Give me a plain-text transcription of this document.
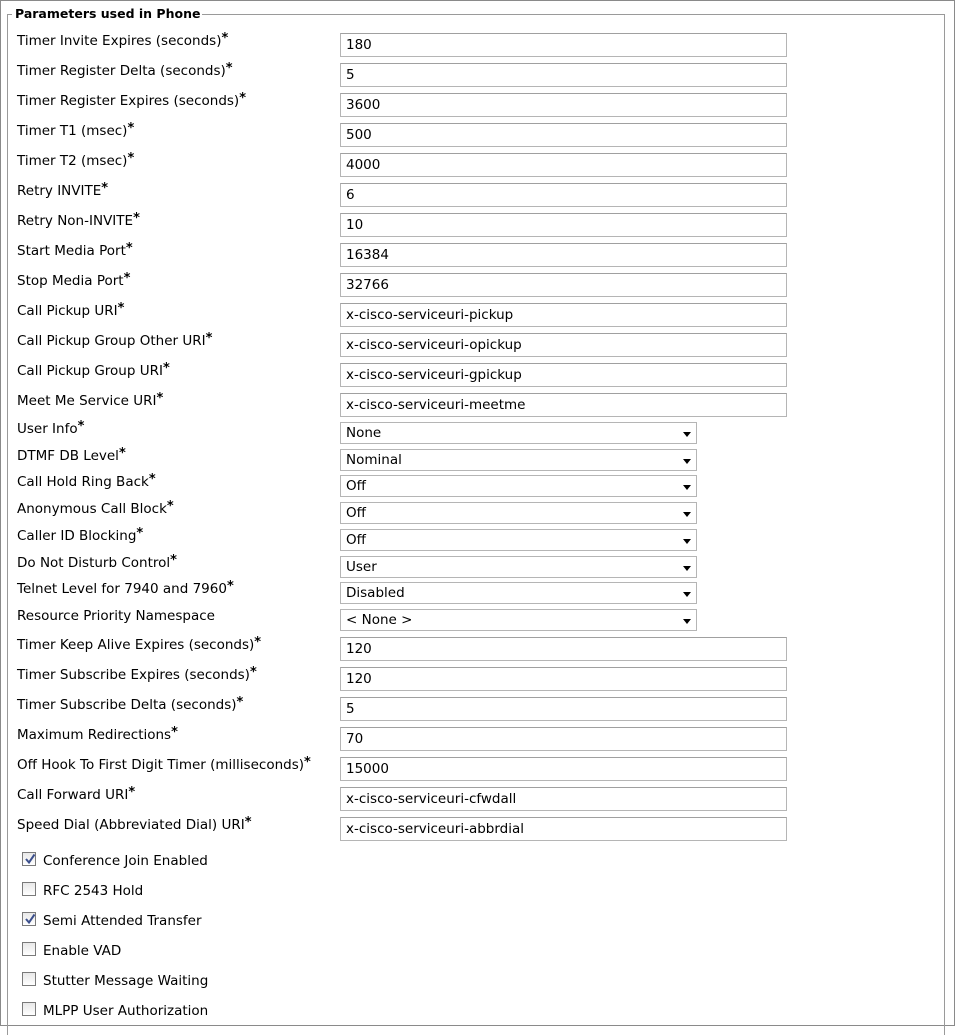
Parameters used in Phone
Timer Invite Expires (seconds)*	180
Timer Register Delta (seconds)*	5
Timer Register Expires (seconds)*	3600
Timer T1 (msec)*	500
Timer T2 (msec)*	4000
Retry INVITE*	6
Retry Non-INVITE*	10
Start Media Port*	16384
Stop Media Port*	32766
Call Pickup URI*	x-cisco-serviceuri-pickup
Call Pickup Group Other URI*	x-cisco-serviceuri-opickup
Call Pickup Group URI*	x-cisco-serviceuri-gpickup
Meet Me Service URI*	x-cisco-serviceuri-meetme
User Info*	None
DTMF DB Level*	Nominal
Call Hold Ring Back*	Off
Anonymous Call Block*	Off
Caller ID Blocking*	Off
Do Not Disturb Control*	User
Telnet Level for 7940 and 7960*	Disabled
Resource Priority Namespace	< None >
Timer Keep Alive Expires (seconds)*	120
Timer Subscribe Expires (seconds)*	120
Timer Subscribe Delta (seconds)*	5
Maximum Redirections*	70
Off Hook To First Digit Timer (milliseconds)*	15000
Call Forward URI*	x-cisco-serviceuri-cfwdall
Speed Dial (Abbreviated Dial) URI*	x-cisco-serviceuri-abbrdial
Conference Join Enabled
RFC 2543 Hold
Semi Attended Transfer
Enable VAD
Stutter Message Waiting
MLPP User Authorization
